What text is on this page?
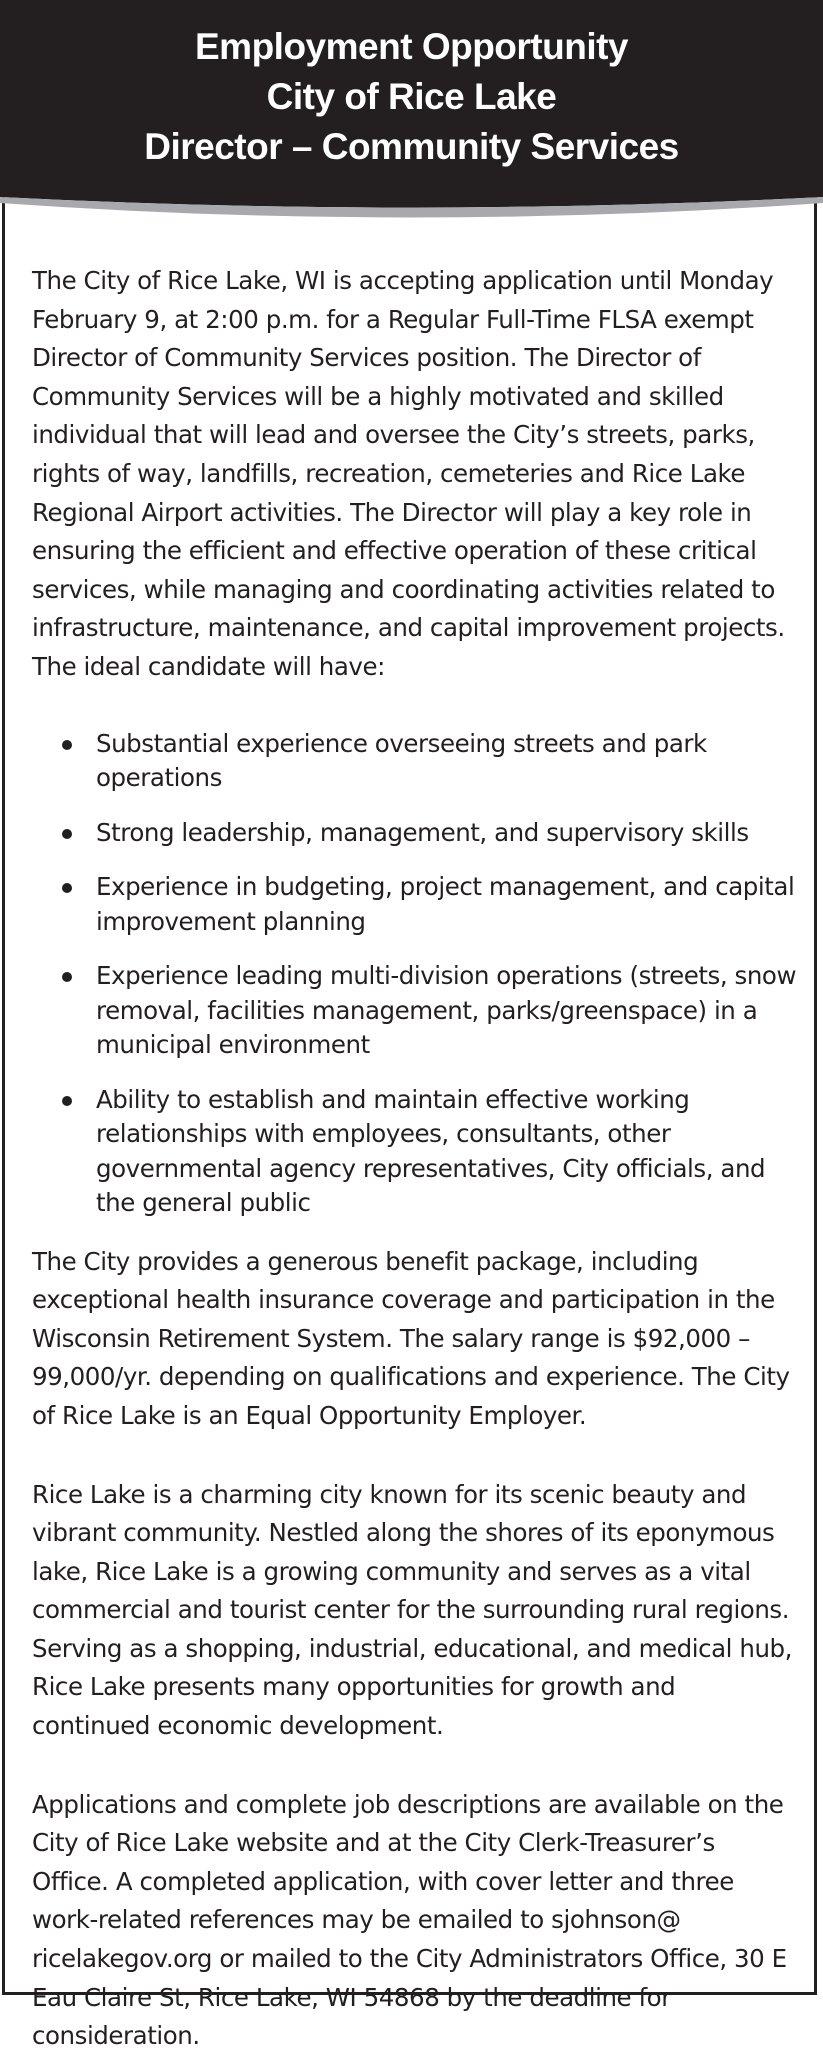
Employment Opportunity
City of Rice Lake
Director – Community Services

The City of Rice Lake, WI is accepting application until Monday February 9, at 2:00 p.m. for a Regular Full-Time FLSA exempt Director of Community Services position. The Director of Community Services will be a highly motivated and skilled individual that will lead and oversee the City’s streets, parks, rights of way, landfills, recreation, cemeteries and Rice Lake Regional Airport activities. The Director will play a key role in ensuring the efficient and effective operation of these critical services, while managing and coordinating activities related to infrastructure, maintenance, and capital improvement projects. The ideal candidate will have:

Substantial experience overseeing streets and park operations
Strong leadership, management, and supervisory skills
Experience in budgeting, project management, and capital improvement planning
Experience leading multi-division operations (streets, snow removal, facilities management, parks/greenspace) in a municipal environment
Ability to establish and maintain effective working relationships with employees, consultants, other governmental agency representatives, City officials, and the general public

The City provides a generous benefit package, including exceptional health insurance coverage and participation in the Wisconsin Retirement System. The salary range is $92,000 – 99,000/yr. depending on qualifications and experience. The City of Rice Lake is an Equal Opportunity Employer.

Rice Lake is a charming city known for its scenic beauty and vibrant community. Nestled along the shores of its eponymous lake, Rice Lake is a growing community and serves as a vital commercial and tourist center for the surrounding rural regions. Serving as a shopping, industrial, educational, and medical hub, Rice Lake presents many opportunities for growth and continued economic development.

Applications and complete job descriptions are available on the City of Rice Lake website and at the City Clerk-Treasurer’s Office. A completed application, with cover letter and three work-related references may be emailed to sjohnson@ ricelakegov.org or mailed to the City Administrators Office, 30 E Eau Claire St, Rice Lake, WI 54868 by the deadline for consideration.
